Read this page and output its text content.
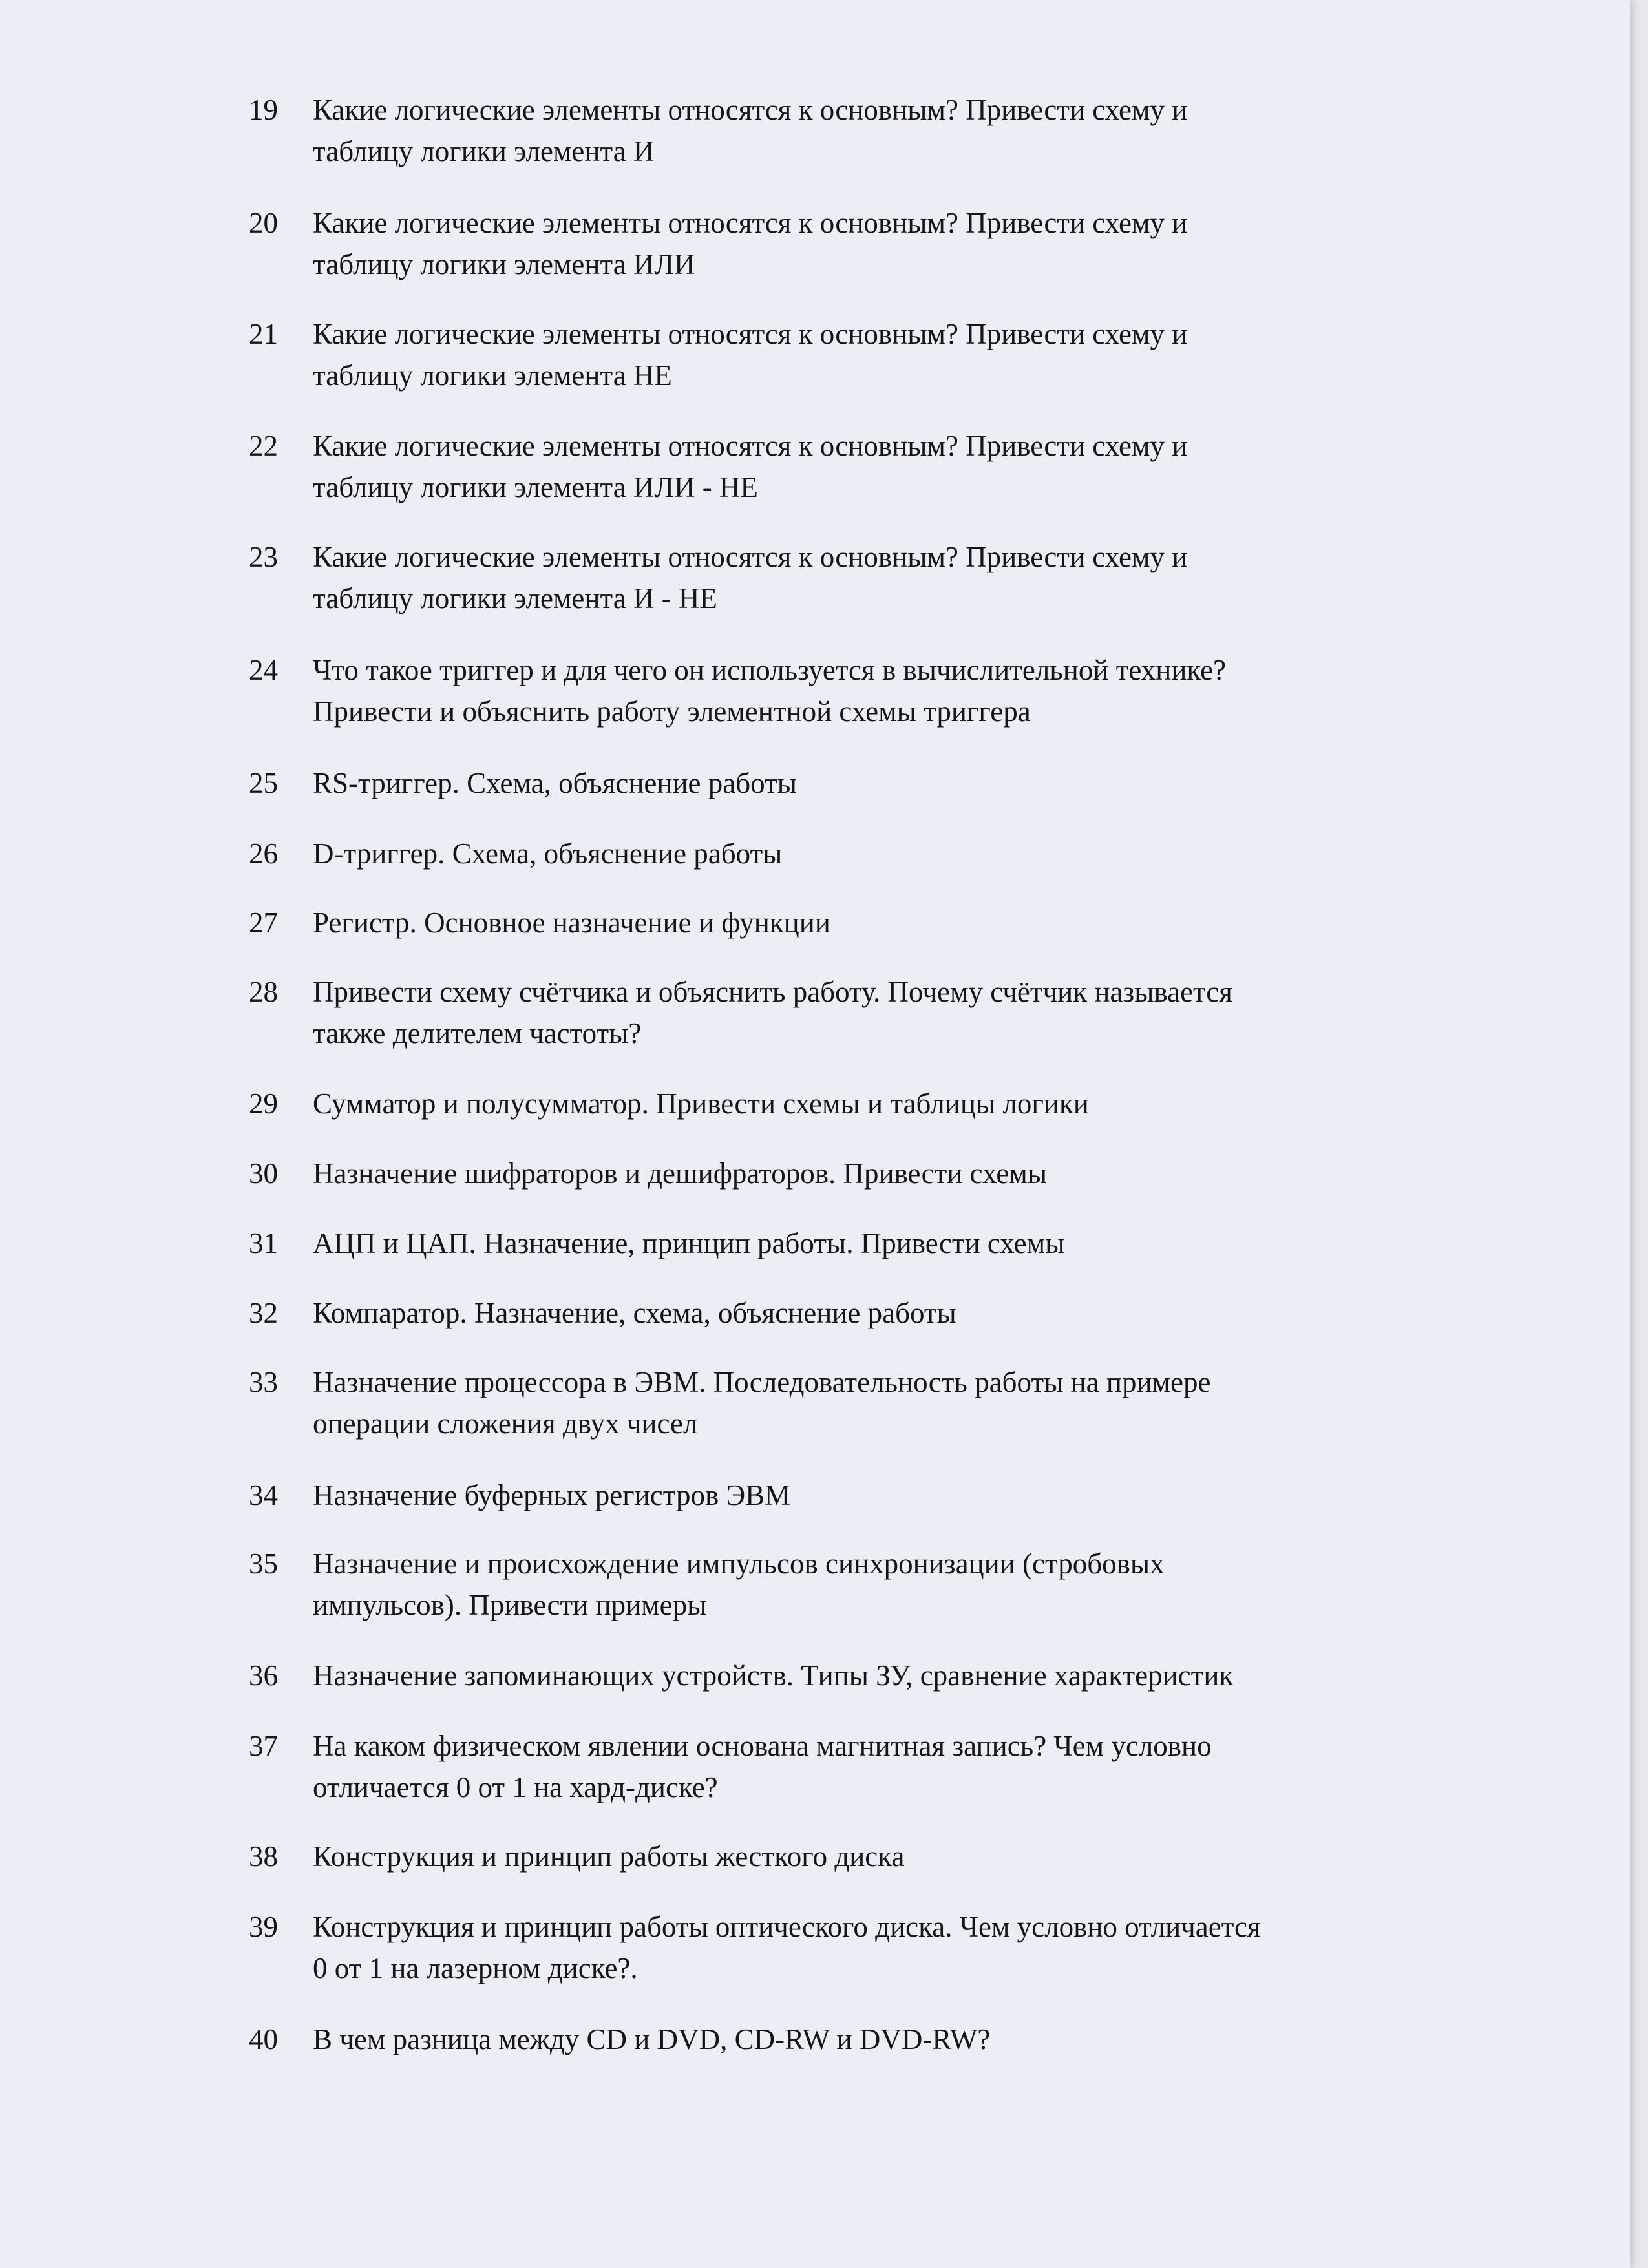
19	Какие логические элементы относятся к основным? Привести схему и
таблицу логики элемента И
20	Какие логические элементы относятся к основным? Привести схему и
таблицу логики элемента ИЛИ
21	Какие логические элементы относятся к основным? Привести схему и
таблицу логики элемента НЕ
22	Какие логические элементы относятся к основным? Привести схему и
таблицу логики элемента ИЛИ - НЕ
23	Какие логические элементы относятся к основным? Привести схему и
таблицу логики элемента И - НЕ
24	Что такое триггер и для чего он используется в вычислительной технике?
Привести и объяснить работу элементной схемы триггера
25	RS-триггер. Схема, объяснение работы
26	D-триггер. Схема, объяснение работы
27	Регистр. Основное назначение и функции
28	Привести схему счётчика и объяснить работу. Почему счётчик называется
также делителем частоты?
29	Сумматор и полусумматор. Привести схемы и таблицы логики
30	Назначение шифраторов и дешифраторов. Привести схемы
31	АЦП и ЦАП. Назначение, принцип работы. Привести схемы
32	Компаратор. Назначение, схема, объяснение работы
33	Назначение процессора в ЭВМ. Последовательность работы на примере
операции сложения двух чисел
34	Назначение буферных регистров ЭВМ
35	Назначение и происхождение импульсов синхронизации (стробовых
импульсов). Привести примеры
36	Назначение запоминающих устройств. Типы ЗУ, сравнение характеристик
37	На каком физическом явлении основана магнитная запись? Чем условно
отличается 0 от 1 на хард-диске?
38	Конструкция и принцип работы жесткого диска
39	Конструкция и принцип работы оптического диска. Чем условно отличается
0 от 1 на лазерном диске?.
40	В чем разница между CD и DVD, CD-RW и DVD-RW?
